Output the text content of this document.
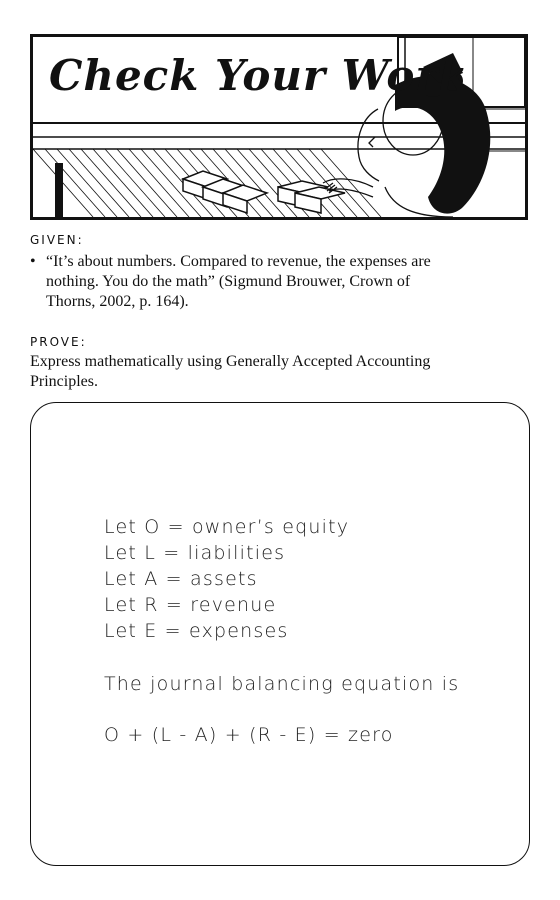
Check Your Work
GIVEN:
• “It’s about numbers. Compared to revenue, the expenses are
nothing. You do the math” (Sigmund Brouwer, Crown of
Thorns, 2002, p. 164).
PROVE:
Express mathematically using Generally Accepted Accounting
Principles.
Let O = owner’s equity
Let L = liabilities
Let A = assets
Let R = revenue
Let E = expenses
The journal balancing equation is
O + (L - A) + (R - E) = zero
